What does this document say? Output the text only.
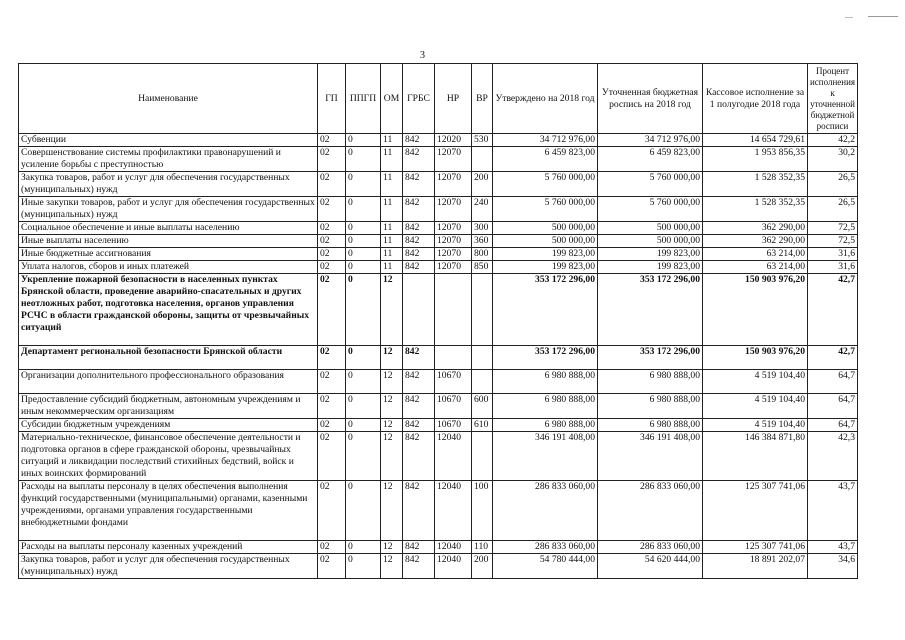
3
Наименование	ГП	ППГП	ОМ	ГРБС	НР	ВР	Утверждено на 2018 год	Уточненная бюджетная роспись на 2018 год	Кассовое исполнение за 1 полугодие 2018 года	Процент исполнения к уточненной бюджетной росписи
Субвенции	02	0	11	842	12020	530	34 712 976,00	34 712 976,00	14 654 729,61	42,2
Совершенствование системы профилактики правонарушений и усиление борьбы с преступностью	02	0	11	842	12070		6 459 823,00	6 459 823,00	1 953 856,35	30,2
Закупка товаров, работ и услуг для обеспечения государственных (муниципальных) нужд	02	0	11	842	12070	200	5 760 000,00	5 760 000,00	1 528 352,35	26,5
Иные закупки товаров, работ и услуг для обеспечения государственных (муниципальных) нужд	02	0	11	842	12070	240	5 760 000,00	5 760 000,00	1 528 352,35	26,5
Социальное обеспечение и иные выплаты населению	02	0	11	842	12070	300	500 000,00	500 000,00	362 290,00	72,5
Иные выплаты населению	02	0	11	842	12070	360	500 000,00	500 000,00	362 290,00	72,5
Иные бюджетные ассигнования	02	0	11	842	12070	800	199 823,00	199 823,00	63 214,00	31,6
Уплата налогов, сборов и иных платежей	02	0	11	842	12070	850	199 823,00	199 823,00	63 214,00	31,6
Укрепление пожарной безопасности в населенных пунктах Брянской области, проведение аварийно-спасательных и других неотложных работ, подготовка населения, органов управления РСЧС в области гражданской обороны, защиты от чрезвычайных ситуаций	02	0	12				353 172 296,00	353 172 296,00	150 903 976,20	42,7
Департамент региональной безопасности Брянской области	02	0	12	842			353 172 296,00	353 172 296,00	150 903 976,20	42,7
Организации дополнительного профессионального образования	02	0	12	842	10670		6 980 888,00	6 980 888,00	4 519 104,40	64,7
Предоставление субсидий бюджетным, автономным учреждениям и иным некоммерческим организациям	02	0	12	842	10670	600	6 980 888,00	6 980 888,00	4 519 104,40	64,7
Субсидии бюджетным учреждениям	02	0	12	842	10670	610	6 980 888,00	6 980 888,00	4 519 104,40	64,7
Материально-техническое, финансовое обеспечение деятельности и подготовка органов в сфере гражданской обороны, чрезвычайных ситуаций и ликвидации последствий стихийных бедствий, войск и иных воинских формирований	02	0	12	842	12040		346 191 408,00	346 191 408,00	146 384 871,80	42,3
Расходы на выплаты персоналу в целях обеспечения выполнения функций государственными (муниципальными) органами, казенными учреждениями, органами управления государственными внебюджетными фондами	02	0	12	842	12040	100	286 833 060,00	286 833 060,00	125 307 741,06	43,7
Расходы на выплаты персоналу казенных учреждений	02	0	12	842	12040	110	286 833 060,00	286 833 060,00	125 307 741,06	43,7
Закупка товаров, работ и услуг для обеспечения государственных (муниципальных) нужд	02	0	12	842	12040	200	54 780 444,00	54 620 444,00	18 891 202,07	34,6
